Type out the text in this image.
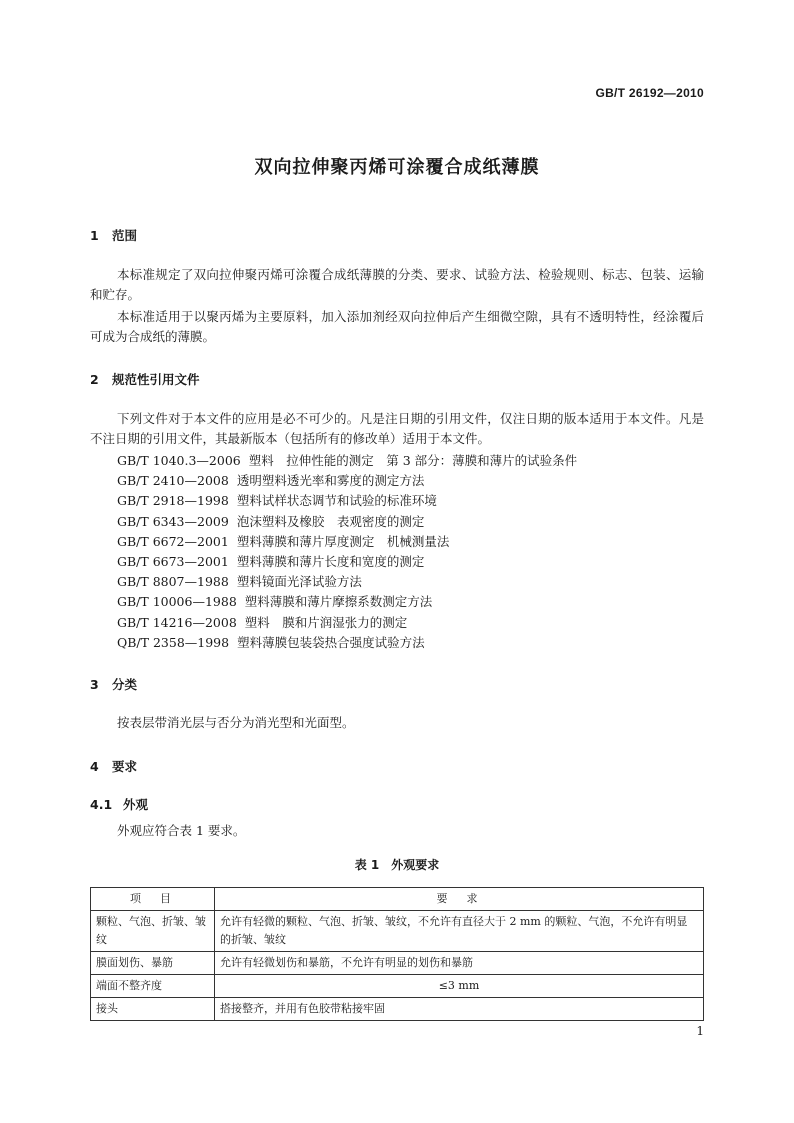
GB/T 26192—2010
双向拉伸聚丙烯可涂覆合成纸薄膜
1 范围
本标准规定了双向拉伸聚丙烯可涂覆合成纸薄膜的分类、要求、试验方法、检验规则、标志、包装、运输和贮存。
本标准适用于以聚丙烯为主要原料，加入添加剂经双向拉伸后产生细微空隙，具有不透明特性，经涂覆后可成为合成纸的薄膜。
2 规范性引用文件
下列文件对于本文件的应用是必不可少的。凡是注日期的引用文件，仅注日期的版本适用于本文件。凡是不注日期的引用文件，其最新版本（包括所有的修改单）适用于本文件。
GB/T 1040.3—2006 塑料　拉伸性能的测定　第 3 部分：薄膜和薄片的试验条件
GB/T 2410—2008 透明塑料透光率和雾度的测定方法
GB/T 2918—1998 塑料试样状态调节和试验的标准环境
GB/T 6343—2009 泡沫塑料及橡胶　表观密度的测定
GB/T 6672—2001 塑料薄膜和薄片厚度测定　机械测量法
GB/T 6673—2001 塑料薄膜和薄片长度和宽度的测定
GB/T 8807—1988 塑料镜面光泽试验方法
GB/T 10006—1988 塑料薄膜和薄片摩擦系数测定方法
GB/T 14216—2008 塑料　膜和片润湿张力的测定
QB/T 2358—1998 塑料薄膜包装袋热合强度试验方法
3 分类
按表层带消光层与否分为消光型和光面型。
4 要求
4.1 外观
外观应符合表 1 要求。
表 1　外观要求
项　目	要　求
颗粒、气泡、折皱、皱纹	允许有轻微的颗粒、气泡、折皱、皱纹，不允许有直径大于 2 mm 的颗粒、气泡，不允许有明显的折皱、皱纹
膜面划伤、暴筋	允许有轻微划伤和暴筋，不允许有明显的划伤和暴筋
端面不整齐度	≤3 mm
接头	搭接整齐，并用有色胶带粘接牢固
1
